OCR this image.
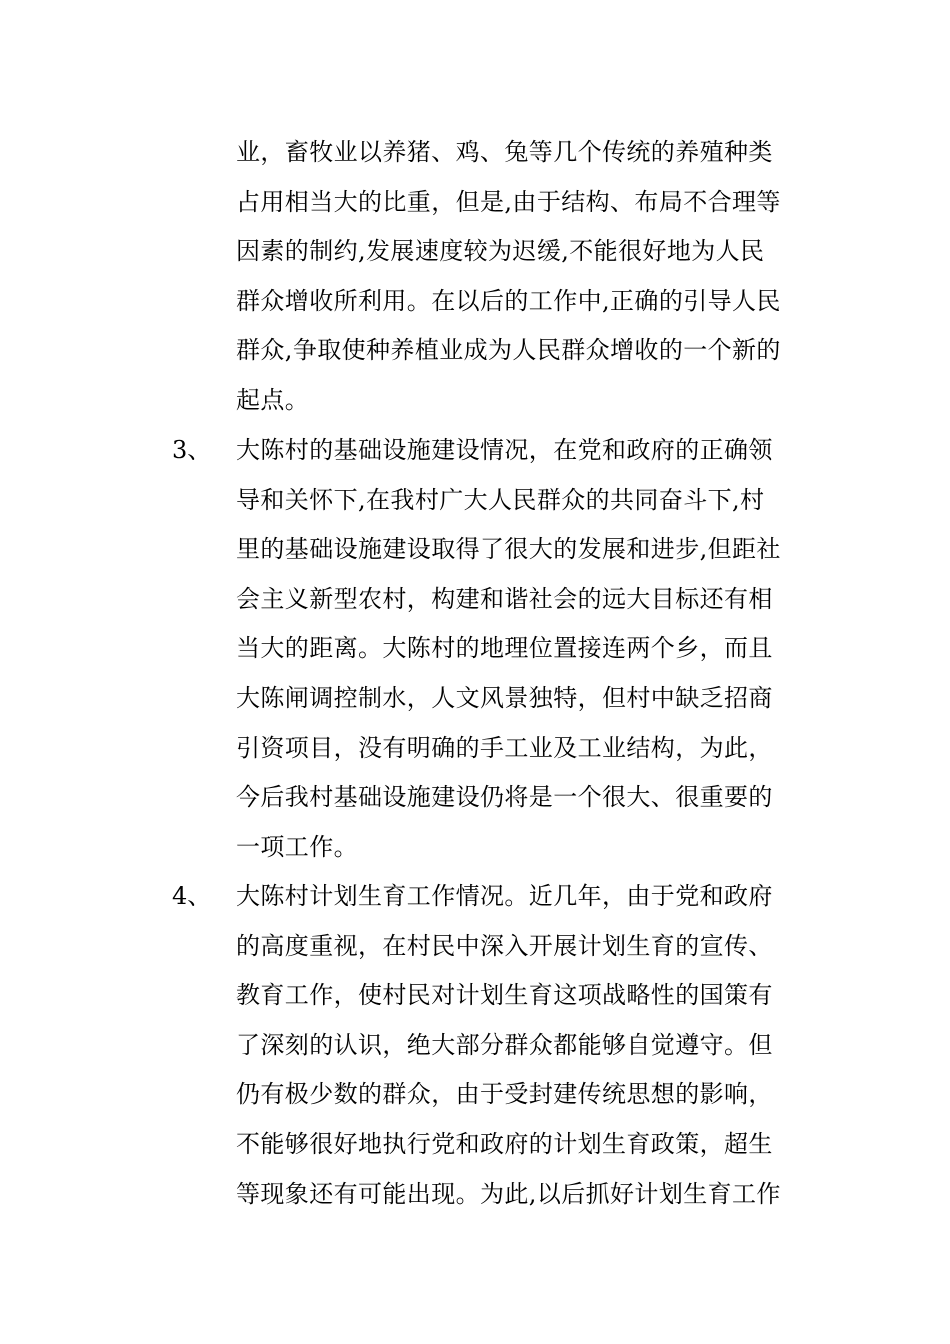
业，畜牧业以养猪、鸡、兔等几个传统的养殖种类
占用相当大的比重，但是,由于结构、布局不合理等
因素的制约,发展速度较为迟缓,不能很好地为人民
群众增收所利用。在以后的工作中,正确的引导人民
群众,争取使种养植业成为人民群众增收的一个新的
起点。
3、 大陈村的基础设施建设情况，在党和政府的正确领
导和关怀下,在我村广大人民群众的共同奋斗下,村
里的基础设施建设取得了很大的发展和进步,但距社
会主义新型农村，构建和谐社会的远大目标还有相
当大的距离。大陈村的地理位置接连两个乡，而且
大陈闸调控制水，人文风景独特，但村中缺乏招商
引资项目，没有明确的手工业及工业结构，为此，
今后我村基础设施建设仍将是一个很大、很重要的
一项工作。
4、 大陈村计划生育工作情况。近几年，由于党和政府
的高度重视，在村民中深入开展计划生育的宣传、
教育工作，使村民对计划生育这项战略性的国策有
了深刻的认识，绝大部分群众都能够自觉遵守。但
仍有极少数的群众，由于受封建传统思想的影响，
不能够很好地执行党和政府的计划生育政策，超生
等现象还有可能出现。为此,以后抓好计划生育工作
